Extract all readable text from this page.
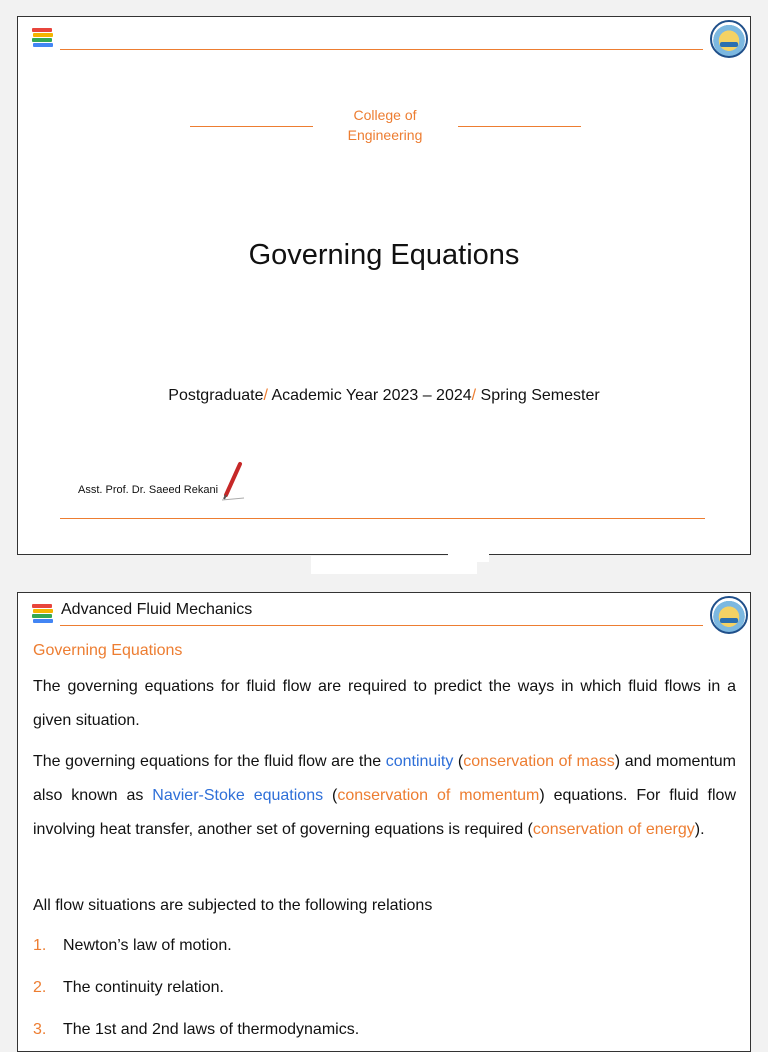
College of Engineering
Governing Equations
Postgraduate/ Academic Year 2023 – 2024/ Spring Semester
Asst. Prof. Dr. Saeed Rekani
Advanced Fluid Mechanics
Governing Equations

The governing equations for fluid flow are required to predict the ways in which fluid flows in a given situation.

The governing equations for the fluid flow are the continuity (conservation of mass) and momentum also known as Navier-Stoke equations (conservation of momentum) equations. For fluid flow involving heat transfer, another set of governing equations is required (conservation of energy).

All flow situations are subjected to the following relations

1. Newton’s law of motion.
2. The continuity relation.
3. The 1st and 2nd laws of thermodynamics.
